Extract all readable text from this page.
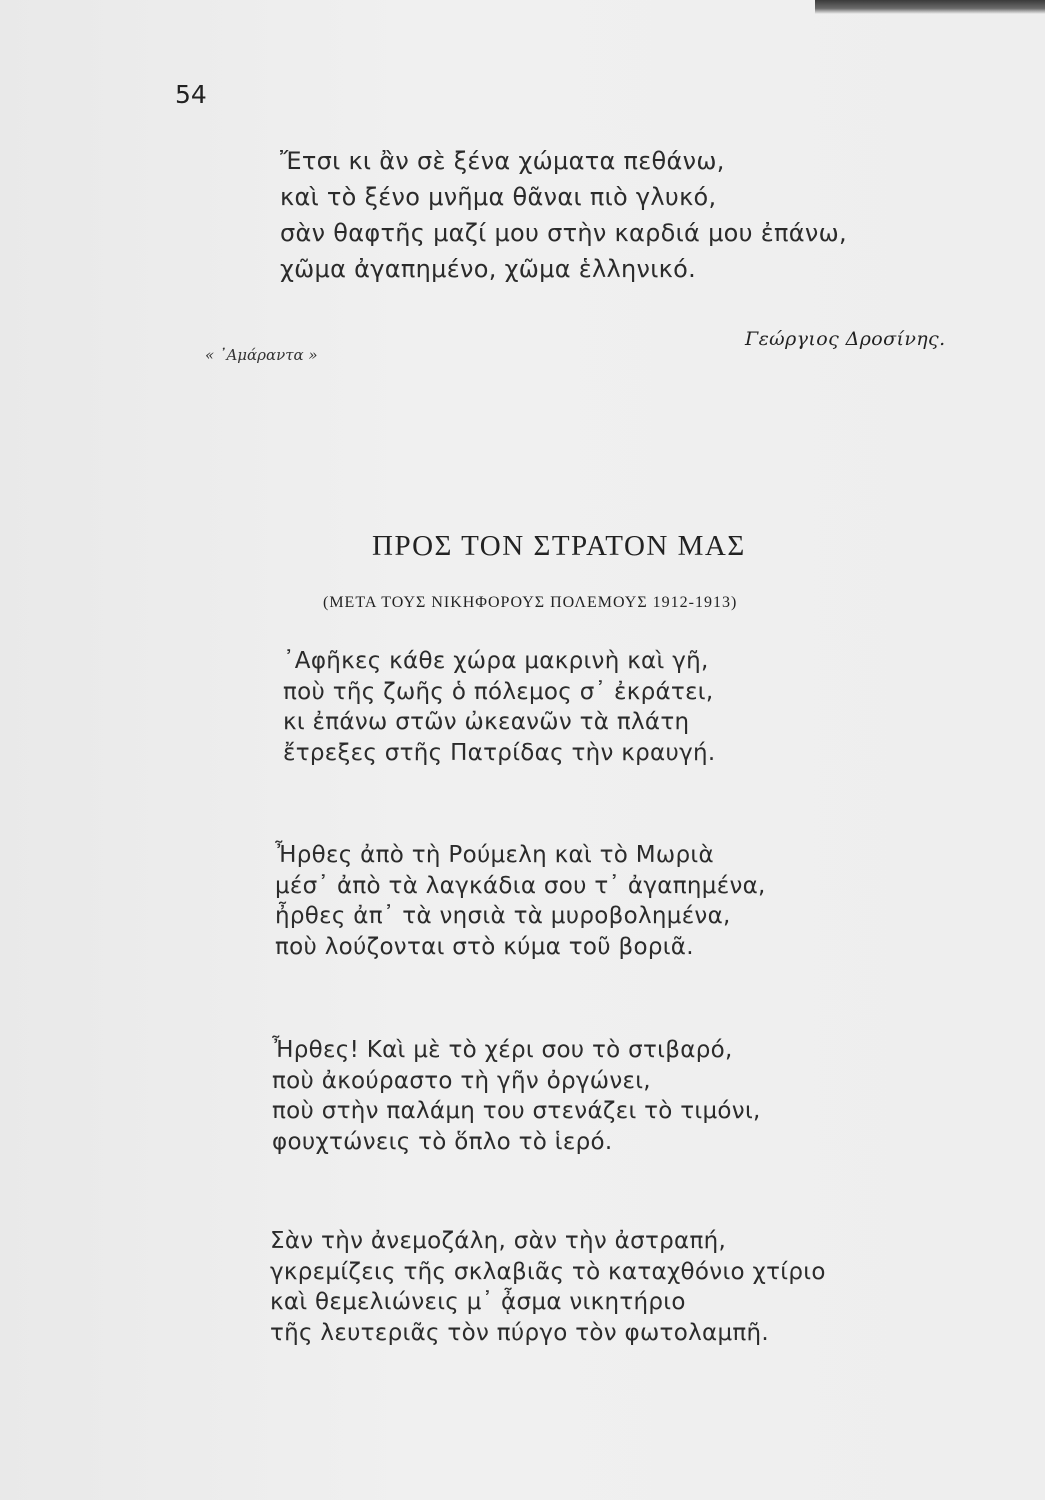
54
Ἔτσι κι ἂν σὲ ξένα χώματα πεθάνω,
καὶ τὸ ξένο μνῆμα θᾶναι πιὸ γλυκό,
σὰν θαφτῆς μαζί μου στὴν καρδιά μου ἐπάνω,
χῶμα ἀγαπημένο, χῶμα ἑλληνικό.
Γεώργιος Δροσίνης.
« ᾿Αμάραντα »
ΠΡΟΣ ΤΟΝ ΣΤΡΑΤΟΝ ΜΑΣ
(ΜΕΤΑ ΤΟΥΣ ΝΙΚΗΦΟΡΟΥΣ ΠΟΛΕΜΟΥΣ 1912-1913)
᾿Αφῆκες κάθε χώρα μακρινὴ καὶ γῆ,
ποὺ τῆς ζωῆς ὁ πόλεμος σ᾿ ἐκράτει,
κι ἐπάνω στῶν ὠκεανῶν τὰ πλάτη
ἔτρεξες στῆς Πατρίδας τὴν κραυγή.
Ἦρθες ἀπὸ τὴ Ρούμελη καὶ τὸ Μωριὰ
μέσ᾿ ἀπὸ τὰ λαγκάδια σου τ᾿ ἀγαπημένα,
ἦρθες ἀπ᾿ τὰ νησιὰ τὰ μυροβολημένα,
ποὺ λούζονται στὸ κύμα τοῦ βοριᾶ.
Ἦρθες! Καὶ μὲ τὸ χέρι σου τὸ στιβαρό,
ποὺ ἀκούραστο τὴ γῆν ὀργώνει,
ποὺ στὴν παλάμη του στενάζει τὸ τιμόνι,
φουχτώνεις τὸ ὅπλο τὸ ἱερό.
Σὰν τὴν ἀνεμοζάλη, σὰν τὴν ἀστραπή,
γκρεμίζεις τῆς σκλαβιᾶς τὸ καταχθόνιο χτίριο
καὶ θεμελιώνεις μ᾿ ᾆσμα νικητήριο
τῆς λευτεριᾶς τὸν πύργο τὸν φωτολαμπῆ.
